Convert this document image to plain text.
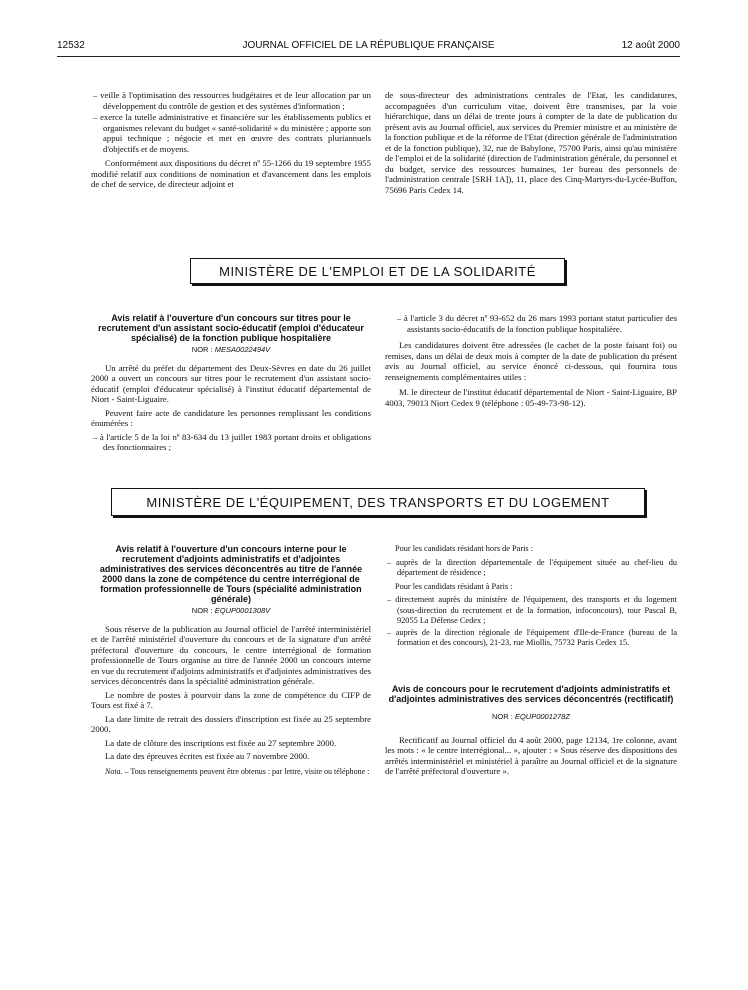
12532	JOURNAL OFFICIEL DE LA RÉPUBLIQUE FRANÇAISE	12 août 2000
– veille à l'optimisation des ressources budgétaires et de leur allocation par un développement du contrôle de gestion et des systèmes d'information ;
– exerce la tutelle administrative et financière sur les établissements publics et organismes relevant du budget « santé-solidarité » du ministère ; apporte son appui technique ; négocie et met en œuvre des contrats pluriannuels d'objectifs et de moyens.

Conformément aux dispositions du décret nº 55-1266 du 19 septembre 1955 modifié relatif aux conditions de nomination et d'avancement dans les emplois de chef de service, de directeur adjoint et

de sous-directeur des administrations centrales de l'Etat, les candidatures, accompagnées d'un curriculum vitae, doivent être transmises, par la voie hiérarchique, dans un délai de trente jours à compter de la date de publication du présent avis au Journal officiel, aux services du Premier ministre et au ministère de la fonction publique et de la réforme de l'Etat (direction générale de l'administration et de la fonction publique), 32, rue de Babylone, 75700 Paris, ainsi qu'au ministère de l'emploi et de la solidarité (direction de l'administration générale, du personnel et du budget, service des ressources humaines, 1er bureau des personnels de l'administration centrale [SRH 1A]), 11, place des Cinq-Martyrs-du-Lycée-Buffon, 75696 Paris Cedex 14.

MINISTÈRE DE L'EMPLOI ET DE LA SOLIDARITÉ
Avis relatif à l'ouverture d'un concours sur titres pour le recrutement d'un assistant socio-éducatif (emploi d'éducateur spécialisé) de la fonction publique hospitalière
NOR : MESA0022494V

Un arrêté du préfet du département des Deux-Sèvres en date du 26 juillet 2000 a ouvert un concours sur titres pour le recrutement d'un assistant socio-éducatif (emploi d'éducateur spécialisé) à l'institut éducatif départemental de Niort - Saint-Liguaire.

Peuvent faire acte de candidature les personnes remplissant les conditions énumérées :

– à l'article 5 de la loi nº 83-634 du 13 juillet 1983 portant droits et obligations des fonctionnaires ;
– à l'article 3 du décret nº 93-652 du 26 mars 1993 portant statut particulier des assistants socio-éducatifs de la fonction publique hospitalière.

Les candidatures doivent être adressées (le cachet de la poste faisant foi) ou remises, dans un délai de deux mois à compter de la date de publication du présent avis au Journal officiel, au service énoncé ci-dessous, qui fournira tous renseignements complémentaires utiles :

M. le directeur de l'institut éducatif départemental de Niort - Saint-Liguaire, BP 4003, 79013 Niort Cedex 9 (téléphone : 05-49-73-98-12).

MINISTÈRE DE L'ÉQUIPEMENT, DES TRANSPORTS ET DU LOGEMENT
Avis relatif à l'ouverture d'un concours interne pour le recrutement d'adjoints administratifs et d'adjointes administratives des services déconcentrés au titre de l'année 2000 dans la zone de compétence du centre interrégional de formation professionnelle de Tours (spécialité administration générale)
NOR : EQUP0001308V

Sous réserve de la publication au Journal officiel de l'arrêté interministériel et de l'arrêté ministériel d'ouverture du concours et de la signature d'un arrêté préfectoral d'ouverture du concours, le centre interrégional de formation professionnelle de Tours organise au titre de l'année 2000 un concours interne en vue du recrutement d'adjoints administratifs et d'adjointes administratives des services déconcentrés dans la spécialité administration générale.

Le nombre de postes à pourvoir dans la zone de compétence du CIFP de Tours est fixé à 7.

La date limite de retrait des dossiers d'inscription est fixée au 25 septembre 2000.

La date de clôture des inscriptions est fixée au 27 septembre 2000.

La date des épreuves écrites est fixée au 7 novembre 2000.

Nota. – Tous renseignements peuvent être obtenus : par lettre, visite ou téléphone :

Pour les candidats résidant hors de Paris :

– auprès de la direction départementale de l'équipement située au chef-lieu du département de résidence ;

Pour les candidats résidant à Paris :

– directement auprès du ministère de l'équipement, des transports et du logement (sous-direction du recrutement et de la formation, infoconcours), tour Pascal B, 92055 La Défense Cedex ;
– auprès de la direction régionale de l'équipement d'Ile-de-France (bureau de la formation et des concours), 21-23, rue Miollis, 75732 Paris Cedex 15.
Avis de concours pour le recrutement d'adjoints administratifs et d'adjointes administratives des services déconcentrés (rectificatif)
NOR : EQUP0001278Z

Rectificatif au Journal officiel du 4 août 2000, page 12134, 1re colonne, avant les mots : « le centre interrégional... », ajouter : « Sous réserve des dispositions des arrêtés interministériel et ministériel à paraître au Journal officiel et de la signature de l'arrêté préfectoral d'ouverture ».
